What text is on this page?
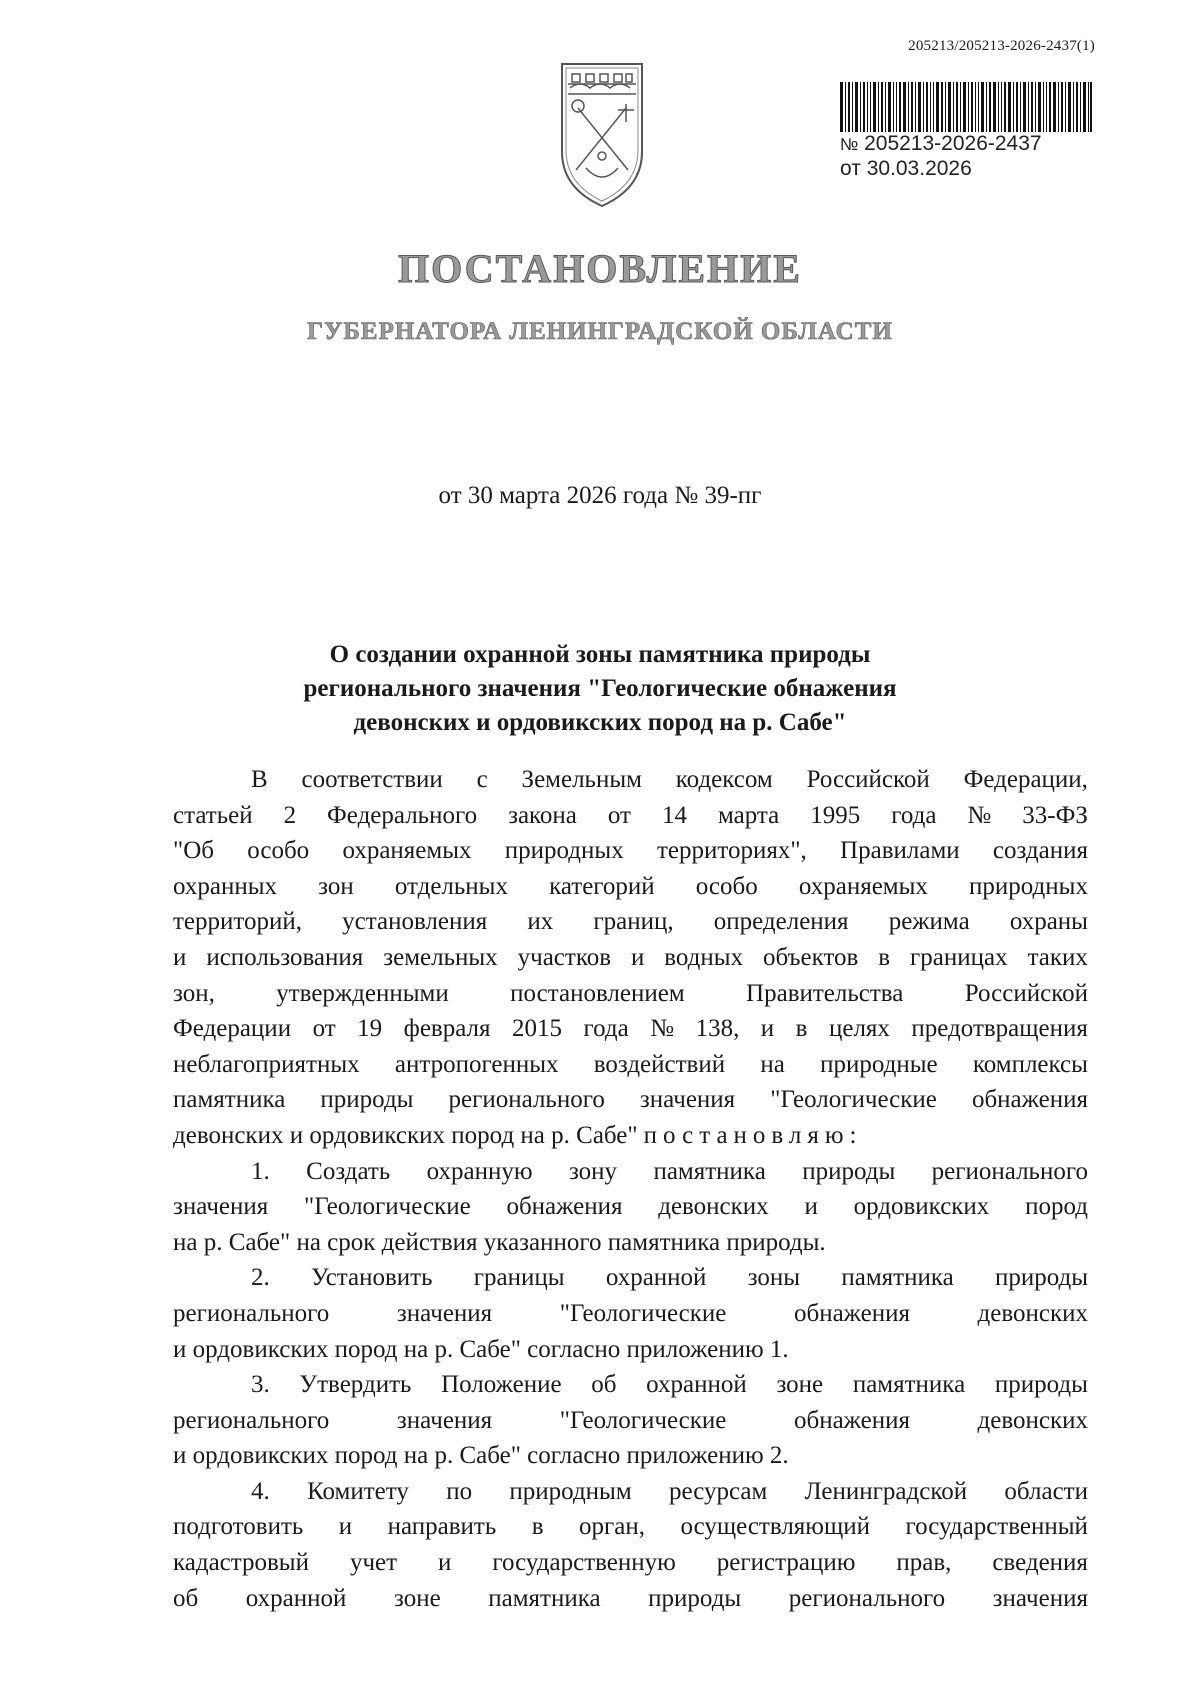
205213/205213-2026-2437(1)
№ 205213-2026-2437
от 30.03.2026
ПОСТАНОВЛЕНИЕ
ГУБЕРНАТОРА ЛЕНИНГРАДСКОЙ ОБЛАСТИ
от 30 марта 2026 года № 39-пг
О создании охранной зоны памятника природы
регионального значения "Геологические обнажения
девонских и ордовикских пород на р. Сабе"
В соответствии с Земельным кодексом Российской Федерации,
статьей 2 Федерального закона от 14 марта 1995 года № 33-ФЗ
"Об особо охраняемых природных территориях", Правилами создания
охранных зон отдельных категорий особо охраняемых природных
территорий, установления их границ, определения режима охраны
и использования земельных участков и водных объектов в границах таких
зон, утвержденными постановлением Правительства Российской
Федерации от 19 февраля 2015 года № 138, и в целях предотвращения
неблагоприятных антропогенных воздействий на природные комплексы
памятника природы регионального значения "Геологические обнажения
девонских и ордовикских пород на р. Сабе" постановляю:
1. Создать охранную зону памятника природы регионального
значения "Геологические обнажения девонских и ордовикских пород
на р. Сабе" на срок действия указанного памятника природы.
2. Установить границы охранной зоны памятника природы
регионального	значения	"Геологические	обнажения	девонских
и ордовикских пород на р. Сабе" согласно приложению 1.
3. Утвердить Положение об охранной зоне памятника природы
регионального	значения	"Геологические	обнажения	девонских
и ордовикских пород на р. Сабе" согласно приложению 2.
4. Комитету по природным ресурсам Ленинградской области
подготовить и направить в орган, осуществляющий государственный
кадастровый учет и государственную регистрацию прав, сведения
об охранной зоне памятника природы регионального значения
